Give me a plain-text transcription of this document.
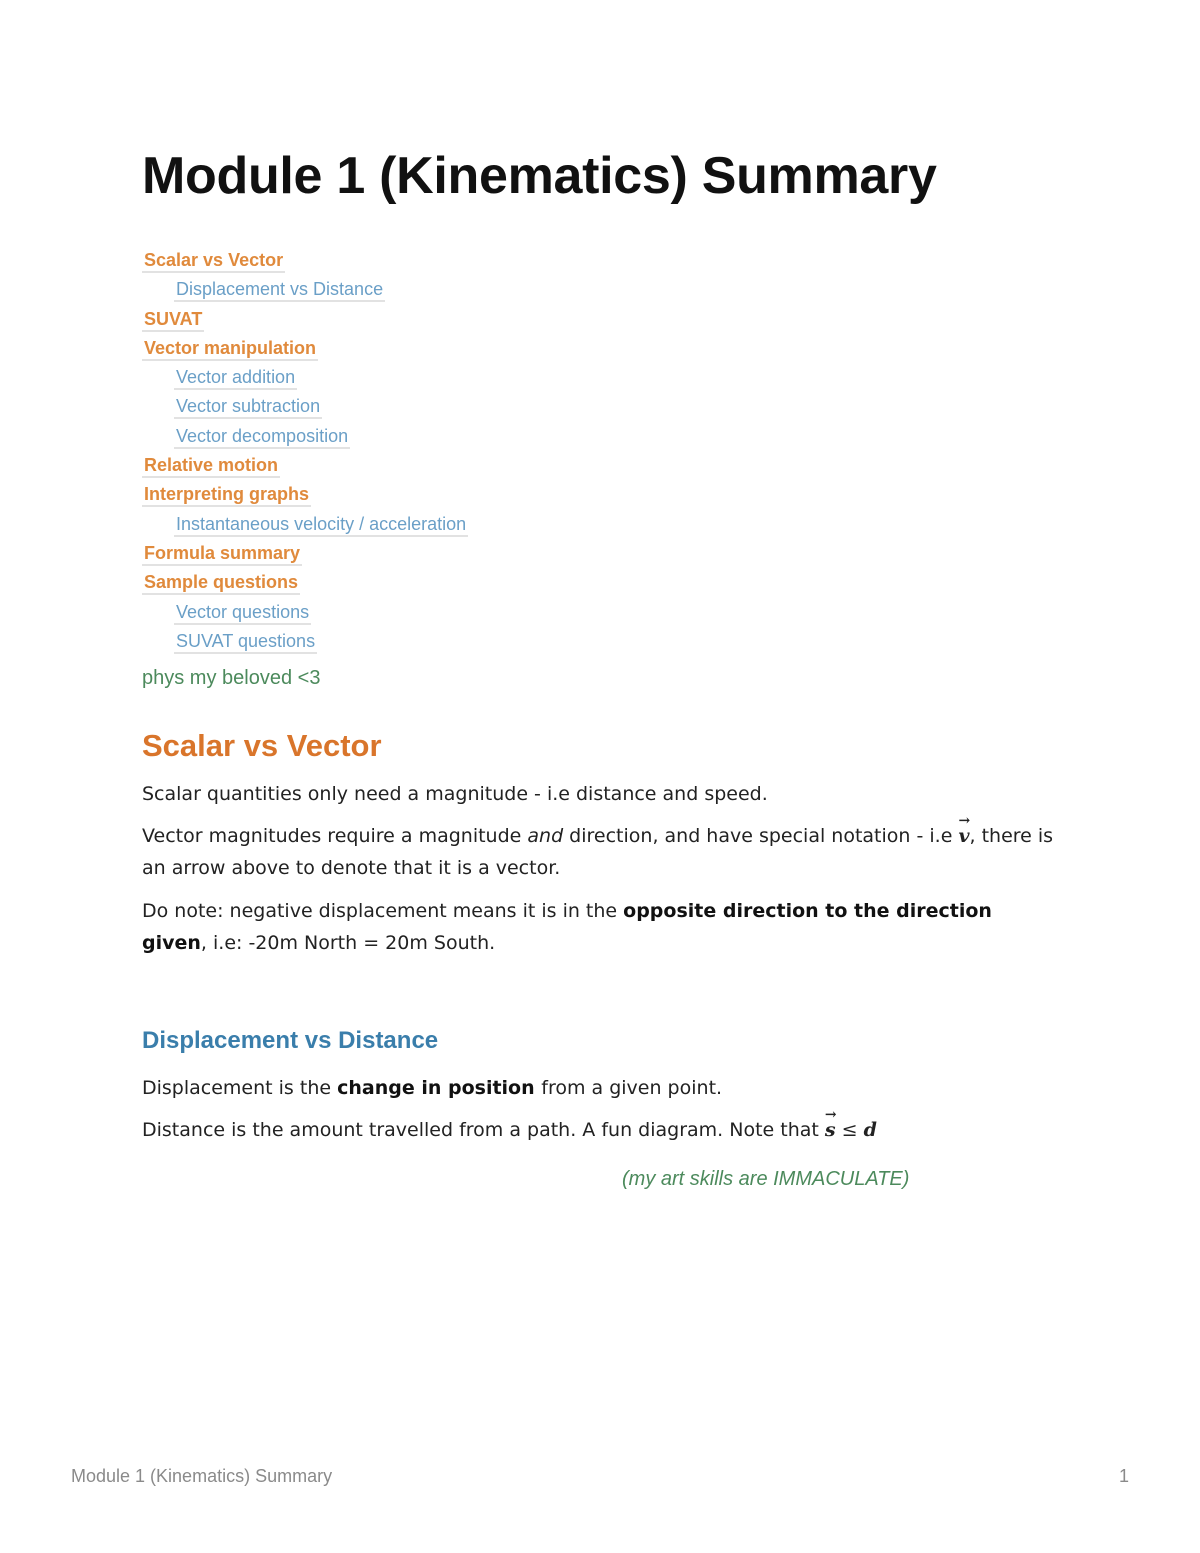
Module 1 (Kinematics) Summary
Scalar vs Vector
Displacement vs Distance
SUVAT
Vector manipulation
Vector addition
Vector subtraction
Vector decomposition
Relative motion
Interpreting graphs
Instantaneous velocity / acceleration
Formula summary
Sample questions
Vector questions
SUVAT questions
phys my beloved <3
Scalar vs Vector

Scalar quantities only need a magnitude - i.e distance and speed.

Vector magnitudes require a magnitude and direction, and have special notation - i.e → v, there is an arrow above to denote that it is a vector.

Do note: negative displacement means it is in the opposite direction to the direction given, i.e: -20m North = 20m South.

Displacement vs Distance

Displacement is the change in position from a given point.

Distance is the amount travelled from a path. A fun diagram. Note that → s ≤ d

(my art skills are IMMACULATE)
Module 1 (Kinematics) Summary	1
